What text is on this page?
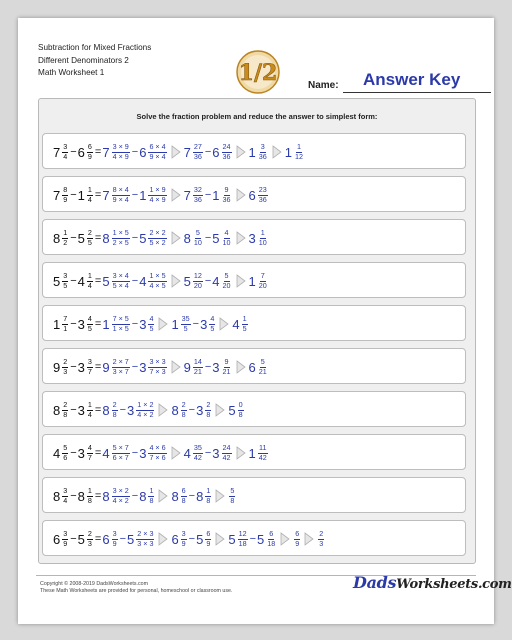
Subtraction for Mixed Fractions
Different Denominators 2
Math Worksheet 1	1/2	Name: Answer Key
Solve the fraction problem and reduce the answer to simplest form:
$7 \frac{3}{4} - 6 \frac{6}{9} = 7 \frac{3 \times 9}{4 \times 9} - 6 \frac{6 \times 4}{9 \times 4} 7 \frac{27}{36} - 6 \frac{24}{36} 1 \frac{3}{36} 1 \frac{1}{12}$
$7 \frac{8}{9} - 1 \frac{1}{4} = 7 \frac{8 \times 4}{9 \times 4} - 1 \frac{1 \times 9}{4 \times 9} 7 \frac{32}{36} - 1 \frac{9}{36} 6 \frac{23}{36}$
$8 \frac{1}{2} - 5 \frac{2}{5} = 8 \frac{1 \times 5}{2 \times 5} - 5 \frac{2 \times 2}{5 \times 2} 8 \frac{5}{10} - 5 \frac{4}{10} 3 \frac{1}{10}$
$5 \frac{3}{5} - 4 \frac{1}{4} = 5 \frac{3 \times 4}{5 \times 4} - 4 \frac{1 \times 5}{4 \times 5} 5 \frac{12}{20} - 4 \frac{5}{20} 1 \frac{7}{20}$
$1 \frac{7}{1} - 3 \frac{4}{5} = 1 \frac{7 \times 5}{1 \times 5} - 3 \frac{4}{5} 1 \frac{35}{5} - 3 \frac{4}{5} 4 \frac{1}{5}$
$9 \frac{2}{3} - 3 \frac{3}{7} = 9 \frac{2 \times 7}{3 \times 7} - 3 \frac{3 \times 3}{7 \times 3} 9 \frac{14}{21} - 3 \frac{9}{21} 6 \frac{5}{21}$
$8 \frac{2}{8} - 3 \frac{1}{4} = 8 \frac{2}{8} - 3 \frac{1 \times 2}{4 \times 2} 8 \frac{2}{8} - 3 \frac{2}{8} 5 \frac{0}{8}$
$4 \frac{5}{6} - 3 \frac{4}{7} = 4 \frac{5 \times 7}{6 \times 7} - 3 \frac{4 \times 6}{7 \times 6} 4 \frac{35}{42} - 3 \frac{24}{42} 1 \frac{11}{42}$
$8 \frac{3}{4} - 8 \frac{1}{8} = 8 \frac{3 \times 2}{4 \times 2} - 8 \frac{1}{8} 8 \frac{6}{8} - 8 \frac{1}{8}$	$\frac{5}{8}$
$6 \frac{3}{9} - 5 \frac{2}{3} = 6 \frac{3}{9} - 5 \frac{2 \times 3}{3 \times 3} 6 \frac{3}{9} - 5 \frac{6}{9} 5 \frac{12}{18} - 5 \frac{6}{18}$	$\frac{6}{9}$	$\frac{2}{3}$
Copyright © 2008-2019 DadsWorksheets.com
These Math Worksheets are provided for personal, homeschool or classroom use.	DadsWorksheets.com
